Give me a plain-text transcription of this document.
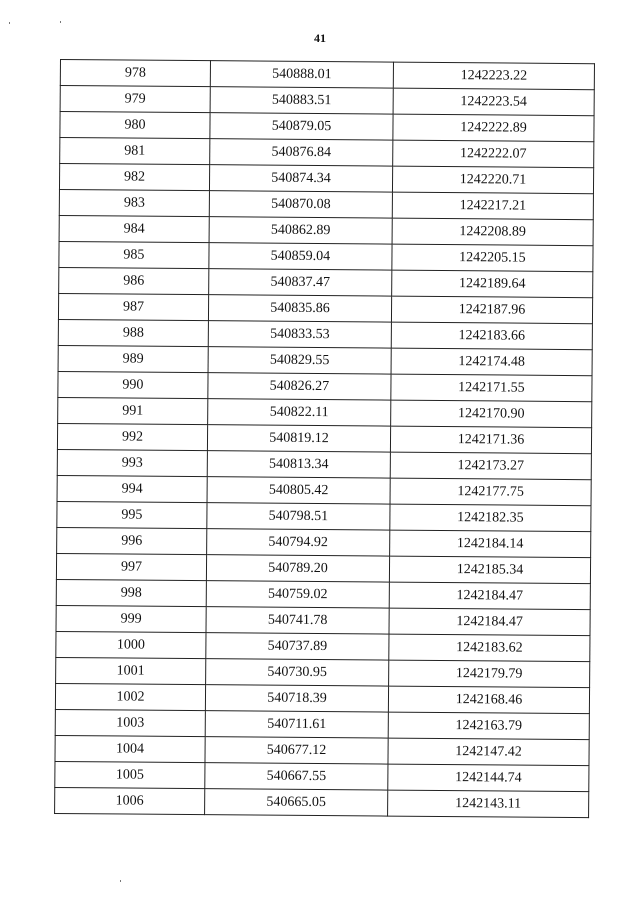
41
978	540888.01	1242223.22
979	540883.51	1242223.54
980	540879.05	1242222.89
981	540876.84	1242222.07
982	540874.34	1242220.71
983	540870.08	1242217.21
984	540862.89	1242208.89
985	540859.04	1242205.15
986	540837.47	1242189.64
987	540835.86	1242187.96
988	540833.53	1242183.66
989	540829.55	1242174.48
990	540826.27	1242171.55
991	540822.11	1242170.90
992	540819.12	1242171.36
993	540813.34	1242173.27
994	540805.42	1242177.75
995	540798.51	1242182.35
996	540794.92	1242184.14
997	540789.20	1242185.34
998	540759.02	1242184.47
999	540741.78	1242184.47
1000	540737.89	1242183.62
1001	540730.95	1242179.79
1002	540718.39	1242168.46
1003	540711.61	1242163.79
1004	540677.12	1242147.42
1005	540667.55	1242144.74
1006	540665.05	1242143.11
